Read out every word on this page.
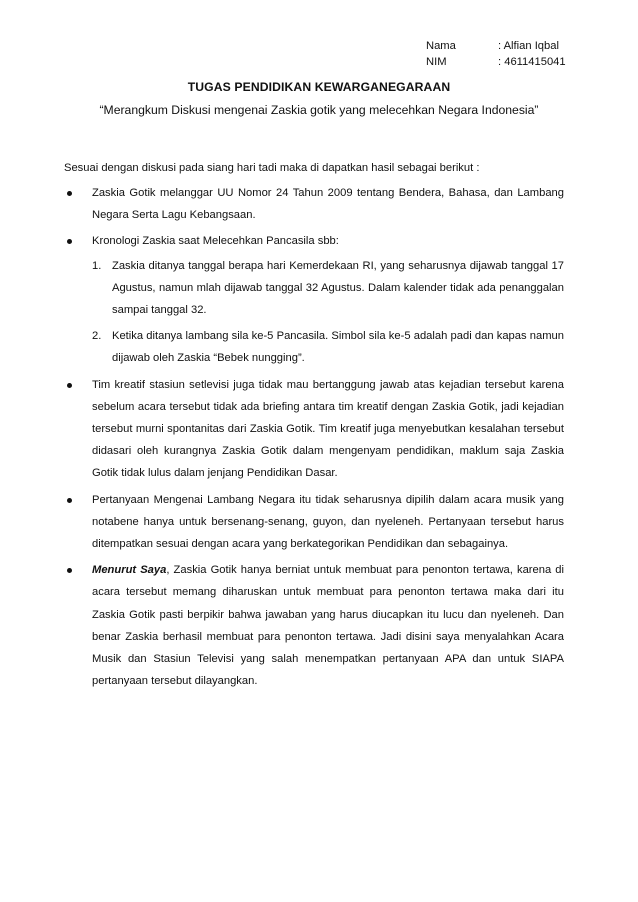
Nama	: Alfian Iqbal
NIM	: 4611415041
TUGAS PENDIDIKAN KEWARGANEGARAAN
“Merangkum Diskusi mengenai Zaskia gotik yang melecehkan Negara Indonesia”
Sesuai dengan diskusi pada siang hari tadi maka di dapatkan hasil sebagai berikut :
Zaskia Gotik melanggar UU Nomor 24 Tahun 2009 tentang Bendera, Bahasa, dan Lambang Negara Serta Lagu Kebangsaan.
Kronologi Zaskia saat Melecehkan Pancasila sbb:
1. Zaskia ditanya tanggal berapa hari Kemerdekaan RI, yang seharusnya dijawab tanggal 17 Agustus, namun mlah dijawab tanggal 32 Agustus. Dalam kalender tidak ada penanggalan sampai tanggal 32.
2. Ketika ditanya lambang sila ke-5 Pancasila. Simbol sila ke-5 adalah padi dan kapas namun dijawab oleh Zaskia “Bebek nungging”.
Tim kreatif stasiun setlevisi juga tidak mau bertanggung jawab atas kejadian tersebut karena sebelum acara tersebut tidak ada briefing antara tim kreatif dengan Zaskia Gotik, jadi kejadian tersebut murni spontanitas dari Zaskia Gotik. Tim kreatif juga menyebutkan kesalahan tersebut didasari oleh kurangnya Zaskia Gotik dalam mengenyam pendidikan, maklum saja Zaskia Gotik tidak lulus dalam jenjang Pendidikan Dasar.
Pertanyaan Mengenai Lambang Negara itu tidak seharusnya dipilih dalam acara musik yang notabene hanya untuk bersenang-senang, guyon, dan nyeleneh. Pertanyaan tersebut harus ditempatkan sesuai dengan acara yang berkategorikan Pendidikan dan sebagainya.
Menurut Saya, Zaskia Gotik hanya berniat untuk membuat para penonton tertawa, karena di acara tersebut memang diharuskan untuk membuat para penonton tertawa maka dari itu Zaskia Gotik pasti berpikir bahwa jawaban yang harus diucapkan itu lucu dan nyeleneh. Dan benar Zaskia berhasil membuat para penonton tertawa. Jadi disini saya menyalahkan Acara Musik dan Stasiun Televisi yang salah menempatkan pertanyaan APA dan untuk SIAPA pertanyaan tersebut dilayangkan.
